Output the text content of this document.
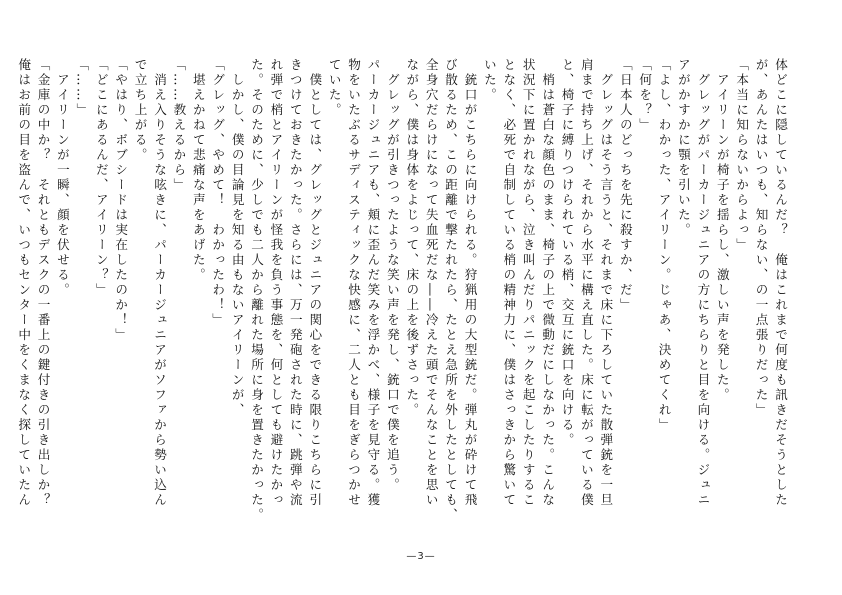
体どこに隠しているんだ？　俺はこれまで何度も訊きだそうとした
が、あんたはいつも、知らない、の一点張りだった」
「本当に知らないからよっ」
　アイリーンが椅子を揺らし、激しい声を発した。
　グレッグがパーカージュニアの方にちらりと目を向ける。ジュニ
アがかすかに顎を引いた。
「よし、わかった、アイリーン。じゃあ、決めてくれ」
「何を？」
「日本人のどっちを先に殺すか、だ」
　グレッグはそう言うと、それまで床に下ろしていた散弾銃を一旦
肩まで持ち上げ、それから水平に構え直した。床に転がっている僕
と、椅子に縛りつけられている梢、交互に銃口を向ける。
　梢は蒼白な顔色のまま、椅子の上で微動だにしなかった。こんな
状況下に置かれながら、泣き叫んだりパニックを起こしたりするこ
となく、必死で自制している梢の精神力に、僕はさっきから驚いて
いた。
　銃口がこちらに向けられる。狩猟用の大型銃だ。弾丸が砕けて飛
び散るため、この距離で撃たれたら、たとえ急所を外したとしても、
全身穴だらけになって失血死だな――冷えた頭でそんなことを思い
ながら、僕は身体をよじって、床の上を後ずさった。
　グレッグが引きつったような笑い声を発し、銃口で僕を追う。
パーカージュニアも、頬に歪んだ笑みを浮かべ、様子を見守る。獲
物をいたぶるサディスティックな快感に、二人とも目をぎらつかせ
ていた。
　僕としては、グレッグとジュニアの関心をできる限りこちらに引
きつけておきたかった。さらには、万一発砲された時に、跳弾や流
れ弾で梢とアイリーンが怪我を負う事態を、何としても避けたかっ
た。そのために、少しでも二人から離れた場所に身を置きたかった。
　しかし、僕の目論見を知る由もないアイリーンが、
「グレッグ、やめて！　わかったわ！」
　堪えかねて悲痛な声をあげた。
「……教えるから」
　消え入りそうな呟きに、パーカージュニアがソファから勢い込ん
で立ち上がる。
「やはり、ボブシードは実在したのか！」
「どこにあるんだ、アイリーン？」
「……」
　アイリーンが一瞬、顔を伏せる。
「金庫の中か？　それともデスクの一番上の鍵付きの引き出しか？
俺はお前の目を盗んで、いつもセンター中をくまなく探していたん
—3—
